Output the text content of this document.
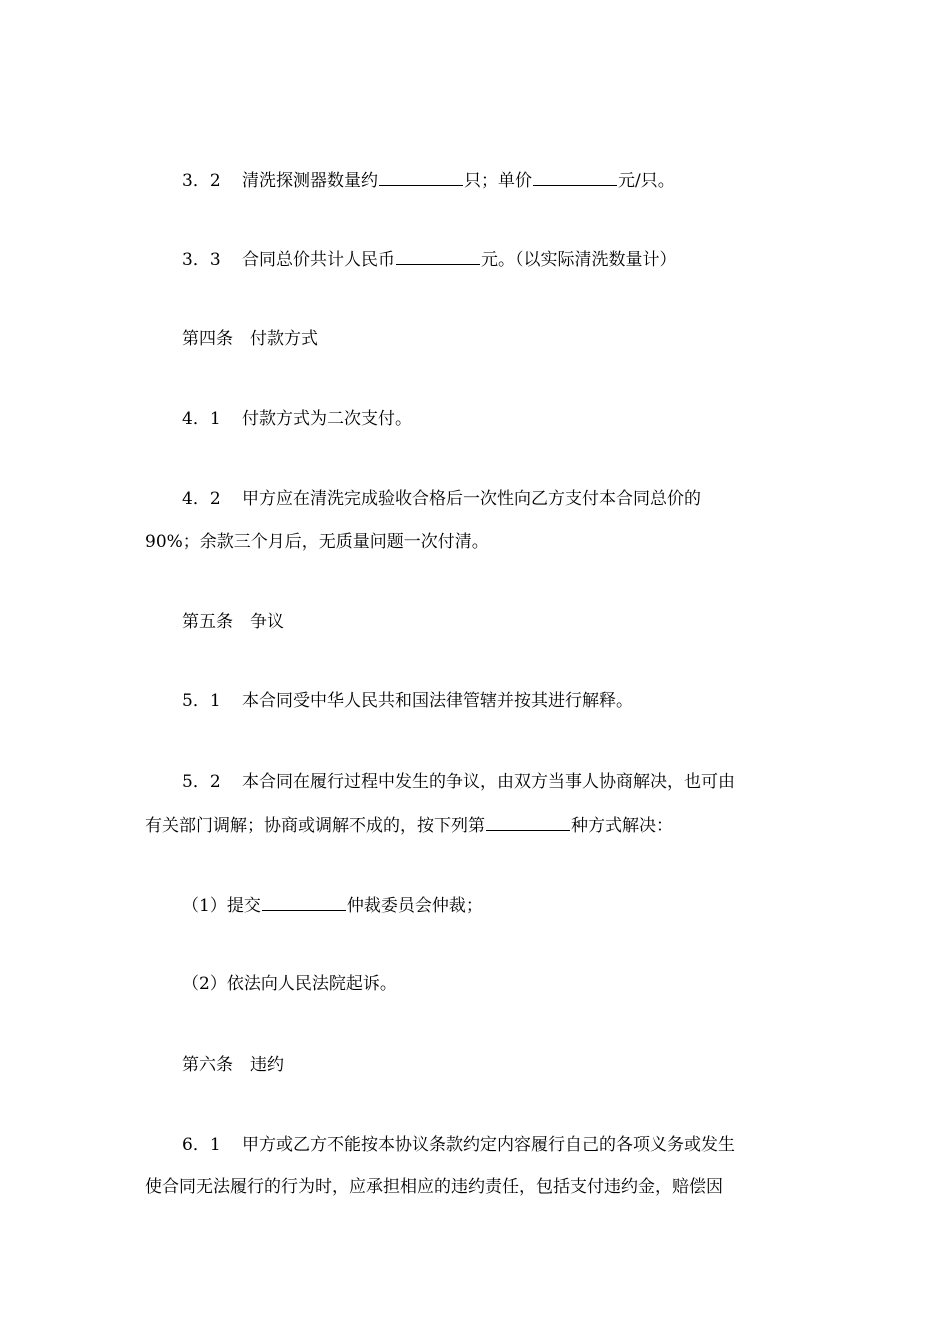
3．2 清洗探测器数量约	只；单价	元/只。
3．3 合同总价共计人民币	元。（以实际清洗数量计）
第四条　付款方式
4．1 付款方式为二次支付。
4．2 甲方应在清洗完成验收合格后一次性向乙方支付本合同总价的
90%；余款三个月后，无质量问题一次付清。
第五条　争议
5．1 本合同受中华人民共和国法律管辖并按其进行解释。
5．2 本合同在履行过程中发生的争议，由双方当事人协商解决，也可由
有关部门调解；协商或调解不成的，按下列第	种方式解决：
（1）提交	仲裁委员会仲裁；
（2）依法向人民法院起诉。
第六条　违约
6．1 甲方或乙方不能按本协议条款约定内容履行自己的各项义务或发生
使合同无法履行的行为时，应承担相应的违约责任，包括支付违约金，赔偿因
